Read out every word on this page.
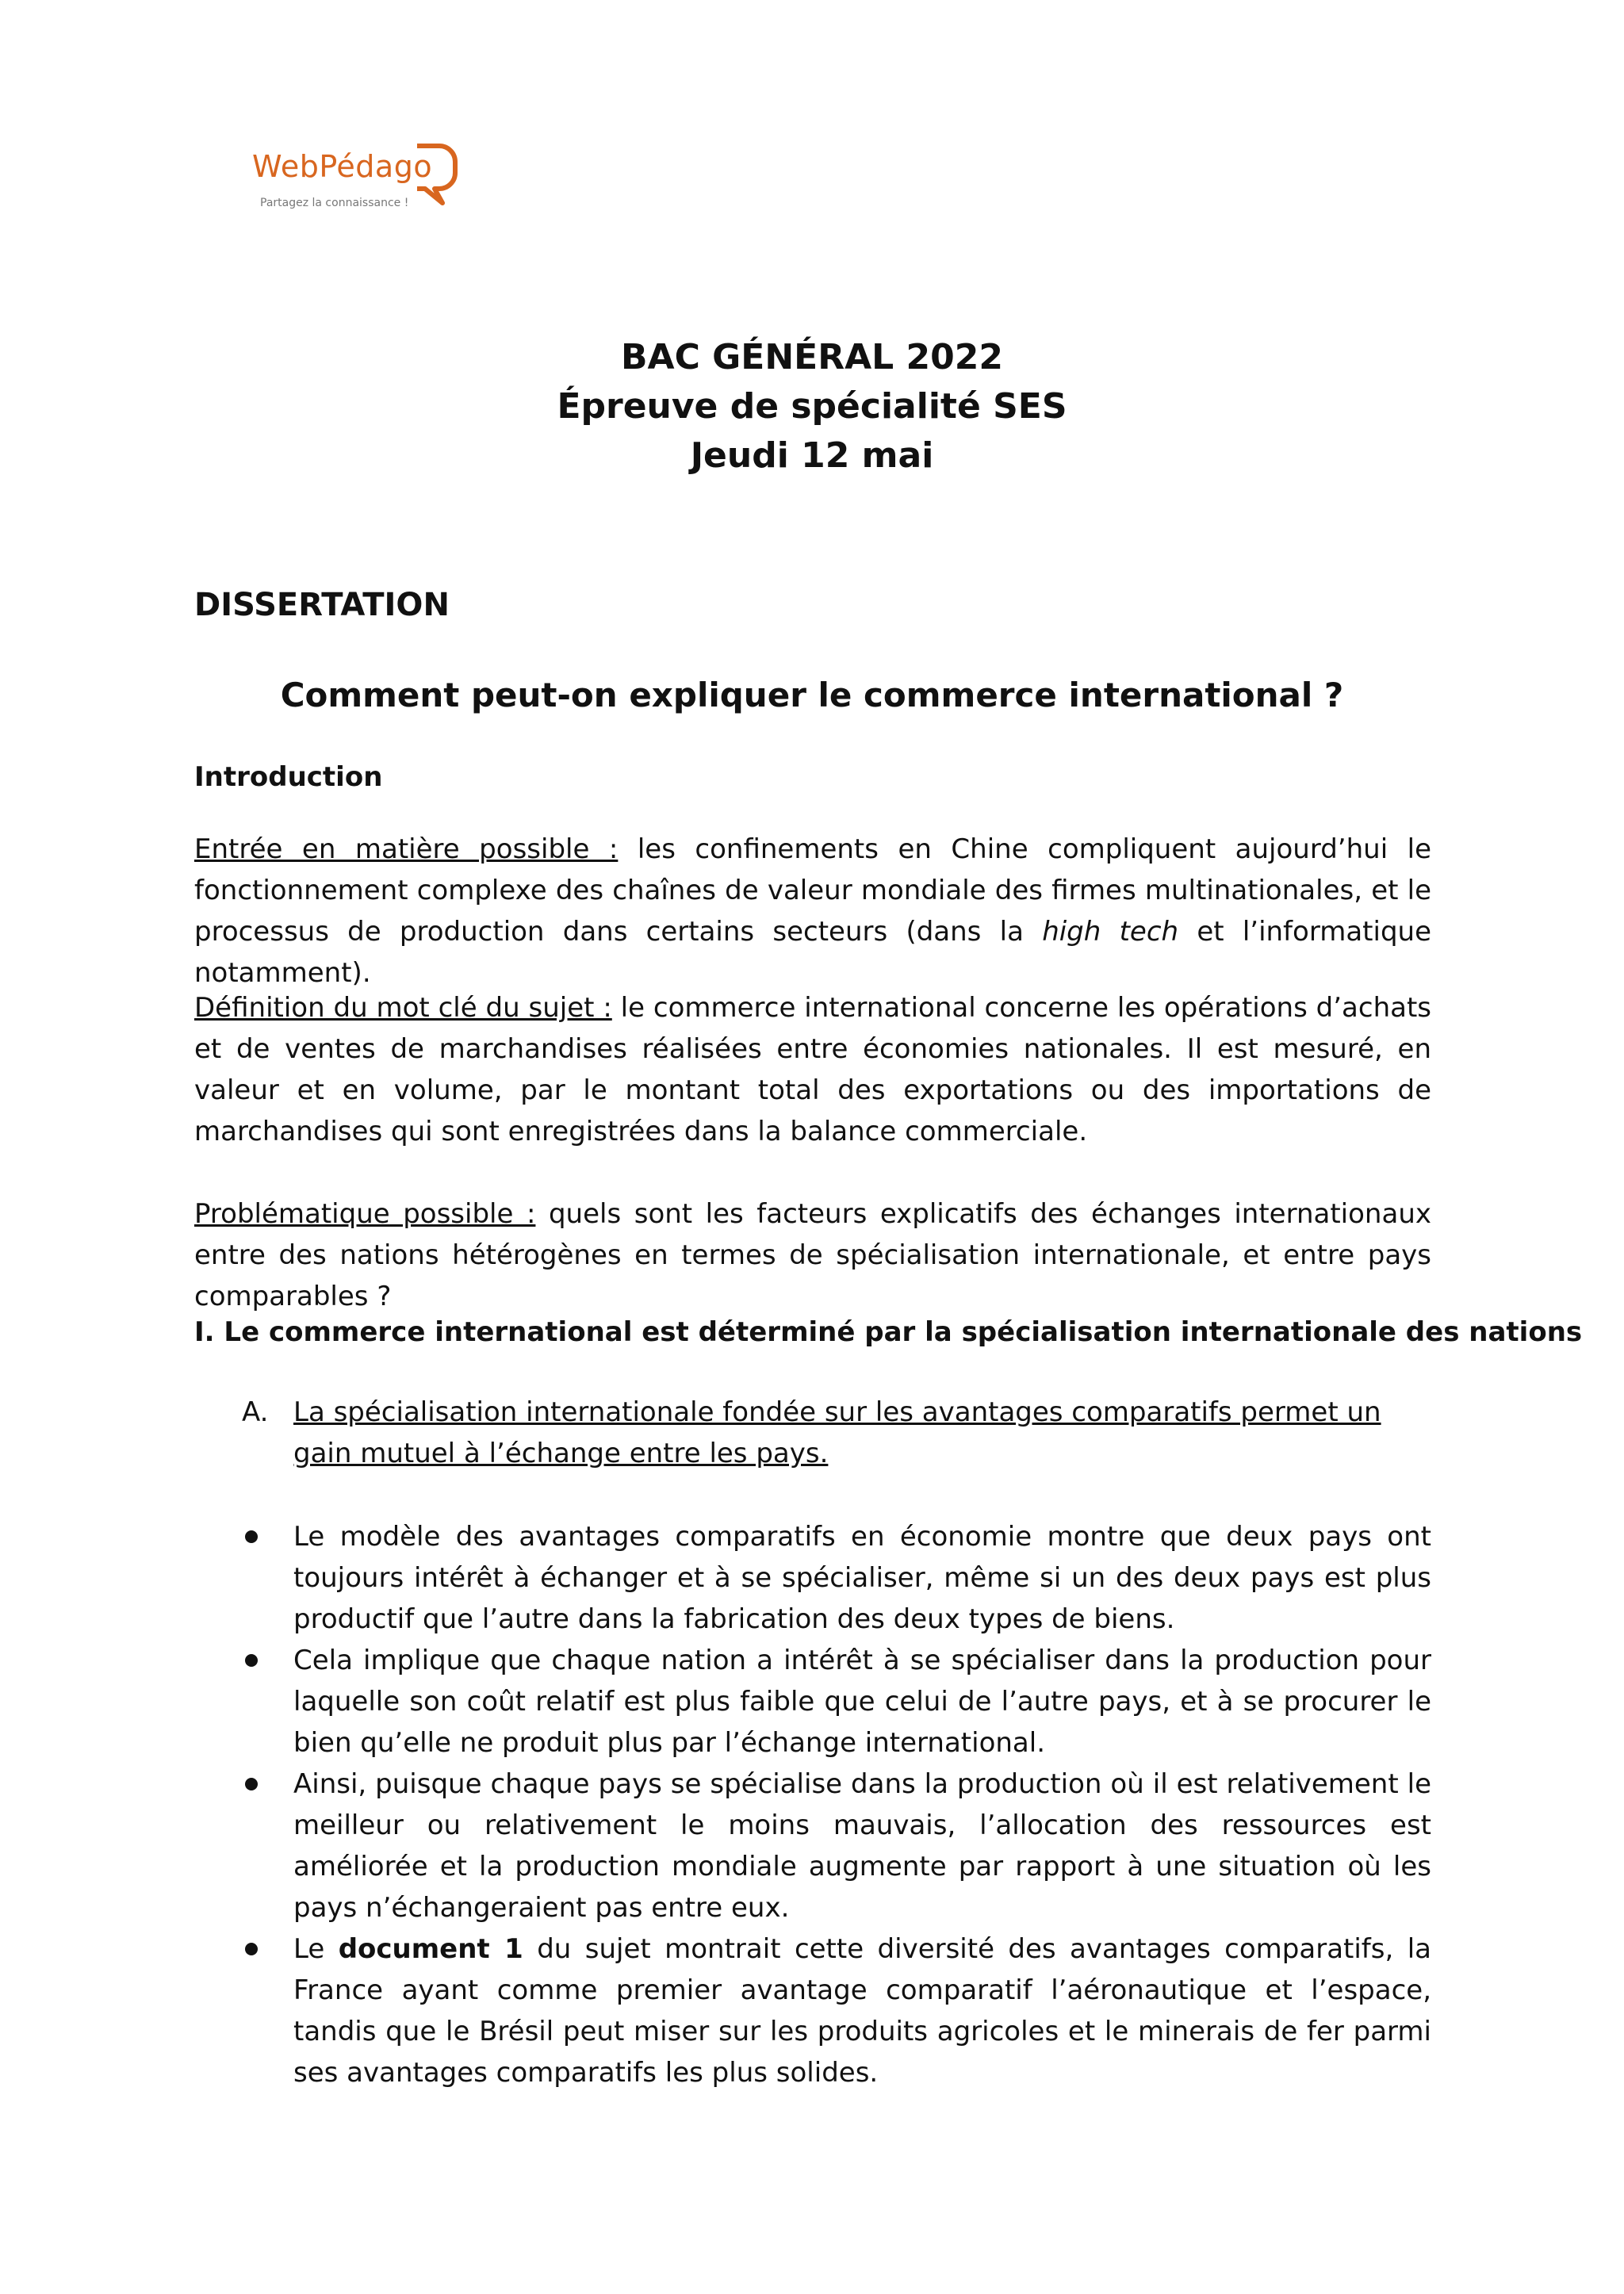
WebPédago
Partagez la connaissance !
BAC GÉNÉRAL 2022
Épreuve de spécialité SES
Jeudi 12 mai
DISSERTATION
Comment peut-on expliquer le commerce international ?
Introduction
Entrée en matière possible : les confinements en Chine compliquent aujourd’hui le fonctionnement complexe des chaînes de valeur mondiale des firmes multinationales, et le processus de production dans certains secteurs (dans la high tech et l’informatique notamment).
Définition du mot clé du sujet : le commerce international concerne les opérations d’achats et de ventes de marchandises réalisées entre économies nationales. Il est mesuré, en valeur et en volume, par le montant total des exportations ou des importations de marchandises qui sont enregistrées dans la balance commerciale.
Problématique possible : quels sont les facteurs explicatifs des échanges internationaux entre des nations hétérogènes en termes de spécialisation internationale, et entre pays comparables ?
I. Le commerce international est déterminé par la spécialisation internationale des nations
A. La spécialisation internationale fondée sur les avantages comparatifs permet un gain mutuel à l’échange entre les pays.
Le modèle des avantages comparatifs en économie montre que deux pays ont toujours intérêt à échanger et à se spécialiser, même si un des deux pays est plus productif que l’autre dans la fabrication des deux types de biens.
Cela implique que chaque nation a intérêt à se spécialiser dans la production pour laquelle son coût relatif est plus faible que celui de l’autre pays, et à se procurer le bien qu’elle ne produit plus par l’échange international.
Ainsi, puisque chaque pays se spécialise dans la production où il est relativement le meilleur ou relativement le moins mauvais, l’allocation des ressources est améliorée et la production mondiale augmente par rapport à une situation où les pays n’échangeraient pas entre eux.
Le document 1 du sujet montrait cette diversité des avantages comparatifs, la France ayant comme premier avantage comparatif l’aéronautique et l’espace, tandis que le Brésil peut miser sur les produits agricoles et le minerais de fer parmi ses avantages comparatifs les plus solides.
